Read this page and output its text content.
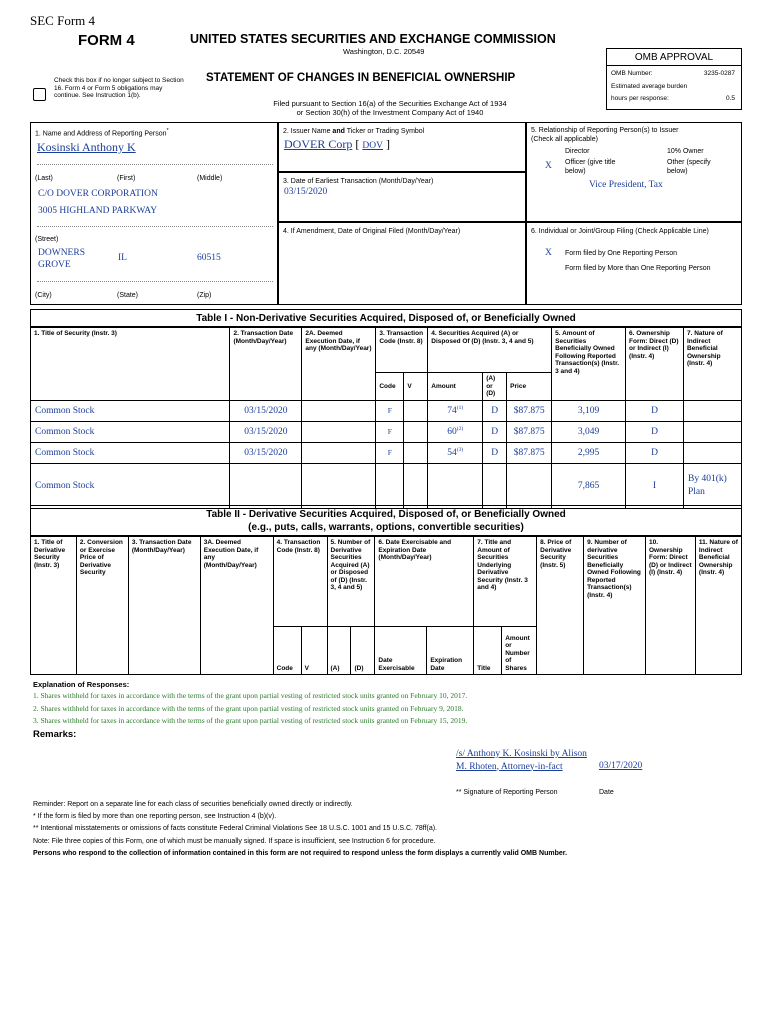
SEC Form 4
FORM 4	UNITED STATES SECURITIES AND EXCHANGE COMMISSION
Washington, D.C. 20549
Check this box if no longer subject to Section 16. Form 4 or Form 5 obligations may continue. See Instruction 1(b).
STATEMENT OF CHANGES IN BENEFICIAL OWNERSHIP
Filed pursuant to Section 16(a) of the Securities Exchange Act of 1934
or Section 30(h) of the Investment Company Act of 1940
OMB APPROVAL
OMB Number:	3235-0287
Estimated average burden
hours per response:	0.5
1. Name and Address of Reporting Person*
Kosinski Anthony K
(Last)	(First)	(Middle)
C/O DOVER CORPORATION
3005 HIGHLAND PARKWAY
(Street)
DOWNERS GROVE
IL	60515
(City)	(State)	(Zip)
2. Issuer Name and Ticker or Trading Symbol
DOVER Corp [ DOV ]
3. Date of Earliest Transaction (Month/Day/Year)
03/15/2020
4. If Amendment, Date of Original Filed (Month/Day/Year)
5. Relationship of Reporting Person(s) to Issuer
(Check all applicable)
Director	10% Owner
X Officer (give title below)
Other (specify below)
Vice President, Tax
6. Individual or Joint/Group Filing (Check Applicable Line)
X Form filed by One Reporting Person
Form filed by More than One Reporting Person
Table I - Non-Derivative Securities Acquired, Disposed of, or Beneficially Owned
1. Title of Security (Instr. 3)	2. Transaction Date (Month/Day/Year)	2A. Deemed Execution Date, if any (Month/Day/Year)	3. Transaction Code (Instr. 8)		4. Securities Acquired (A) or Disposed Of (D) (Instr. 3, 4 and 5)			5. Amount of Securities Beneficially Owned Following Reported Transaction(s) (Instr. 3 and 4)	6. Ownership Form: Direct (D) or Indirect (I) (Instr. 4)	7. Nature of Indirect Beneficial Ownership (Instr. 4)
			Code	V	Amount	(A) or (D)	Price			
Common Stock	03/15/2020		F		74$^{(1)}$	D	$87.875	3,109	D	
Common Stock	03/15/2020		F		60$^{(2)}$	D	$87.875	3,049	D	
Common Stock	03/15/2020		F		54$^{(3)}$	D	$87.875	2,995	D	
Common Stock								7,865	I	By 401(k) Plan
Table II - Derivative Securities Acquired, Disposed of, or Beneficially Owned
(e.g., puts, calls, warrants, options, convertible securities)
1. Title of Derivative Security (Instr. 3)	2. Conversion or Exercise Price of Derivative Security	3. Transaction Date (Month/Day/Year)	3A. Deemed Execution Date, if any (Month/Day/Year)	4. Transaction Code (Instr. 8)		5. Number of Derivative Securities Acquired (A) or Disposed of (D) (Instr. 3, 4 and 5)		6. Date Exercisable and Expiration Date (Month/Day/Year)		7. Title and Amount of Securities Underlying Derivative Security (Instr. 3 and 4)		8. Price of Derivative Security (Instr. 5)	9. Number of derivative Securities Beneficially Owned Following Reported Transaction(s) (Instr. 4)	10. Ownership Form: Direct (D) or Indirect (I) (Instr. 4)	11. Nature of Indirect Beneficial Ownership (Instr. 4)
				Code	V	(A)	(D)	Date Exercisable	Expiration Date	Title	Amount or Number of Shares				
Explanation of Responses:
1. Shares withheld for taxes in accordance with the terms of the grant upon partial vesting of restricted stock units granted on February 10, 2017.
2. Shares withheld for taxes in accordance with the terms of the grant upon partial vesting of restricted stock units granted on February 9, 2018.
3. Shares withheld for taxes in accordance with the terms of the grant upon partial vesting of restricted stock units granted on February 15, 2019.
Remarks:
/s/ Anthony K. Kosinski by Alison M. Rhoten, Attorney-in-fact	03/17/2020
** Signature of Reporting Person	Date
Reminder: Report on a separate line for each class of securities beneficially owned directly or indirectly.
* If the form is filed by more than one reporting person, see Instruction 4 (b)(v).
** Intentional misstatements or omissions of facts constitute Federal Criminal Violations See 18 U.S.C. 1001 and 15 U.S.C. 78ff(a).
Note: File three copies of this Form, one of which must be manually signed. If space is insufficient, see Instruction 6 for procedure.
Persons who respond to the collection of information contained in this form are not required to respond unless the form displays a currently valid OMB Number.
